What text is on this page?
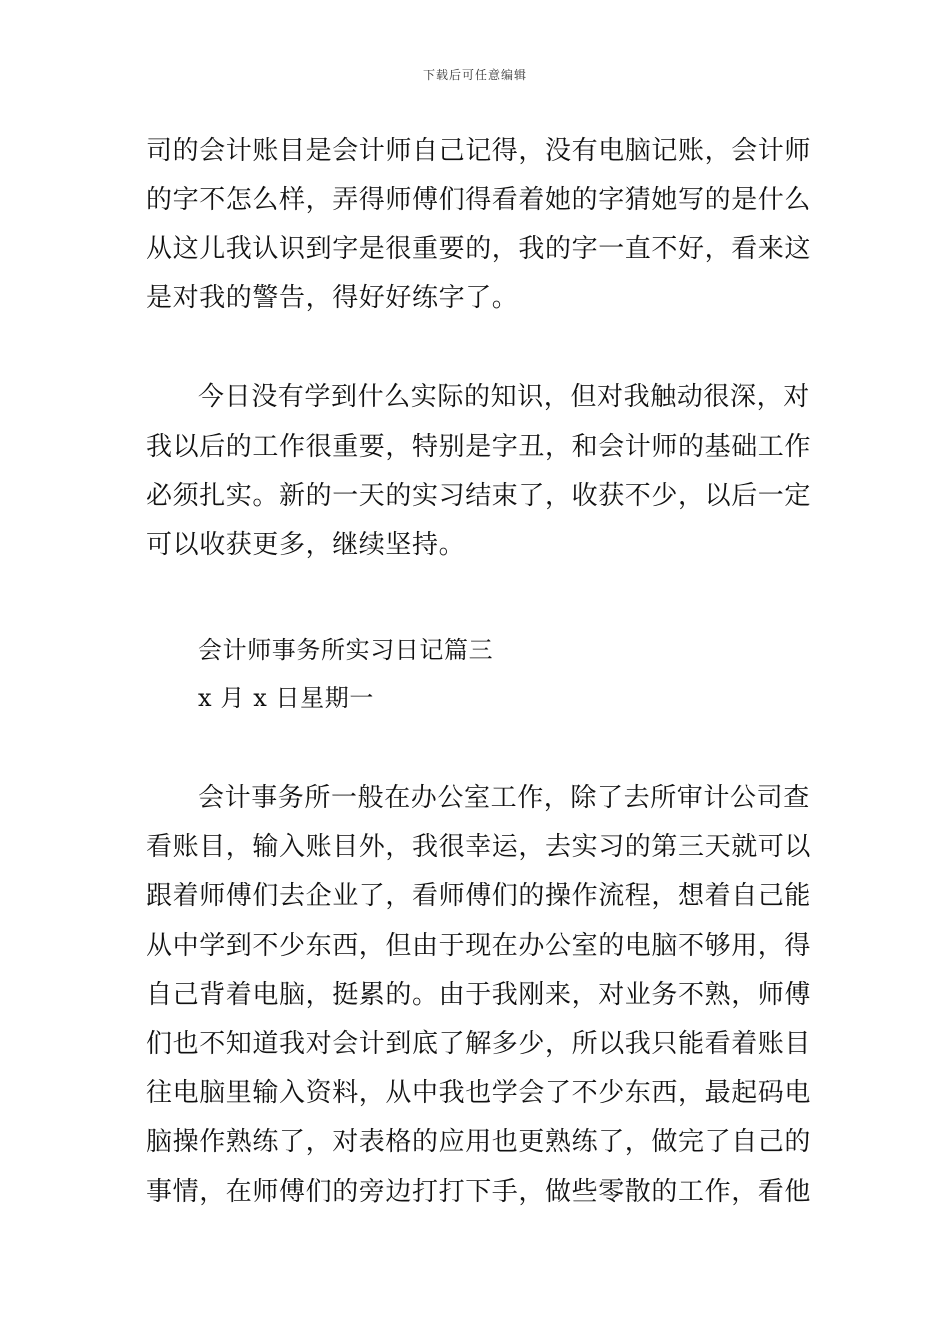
下载后可任意编辑
司的会计账目是会计师自己记得，没有电脑记账，会计师
的字不怎么样，弄得师傅们得看着她的字猜她写的是什么
从这儿我认识到字是很重要的，我的字一直不好，看来这
是对我的警告，得好好练字了。
今日没有学到什么实际的知识，但对我触动很深，对
我以后的工作很重要，特别是字丑，和会计师的基础工作
必须扎实。新的一天的实习结束了，收获不少，以后一定
可以收获更多，继续坚持。
会计师事务所实习日记篇三
x 月 x 日星期一
会计事务所一般在办公室工作，除了去所审计公司查
看账目，输入账目外，我很幸运，去实习的第三天就可以
跟着师傅们去企业了，看师傅们的操作流程，想着自己能
从中学到不少东西，但由于现在办公室的电脑不够用，得
自己背着电脑，挺累的。由于我刚来，对业务不熟，师傅
们也不知道我对会计到底了解多少，所以我只能看着账目
往电脑里输入资料，从中我也学会了不少东西，最起码电
脑操作熟练了，对表格的应用也更熟练了，做完了自己的
事情，在师傅们的旁边打打下手，做些零散的工作，看他
